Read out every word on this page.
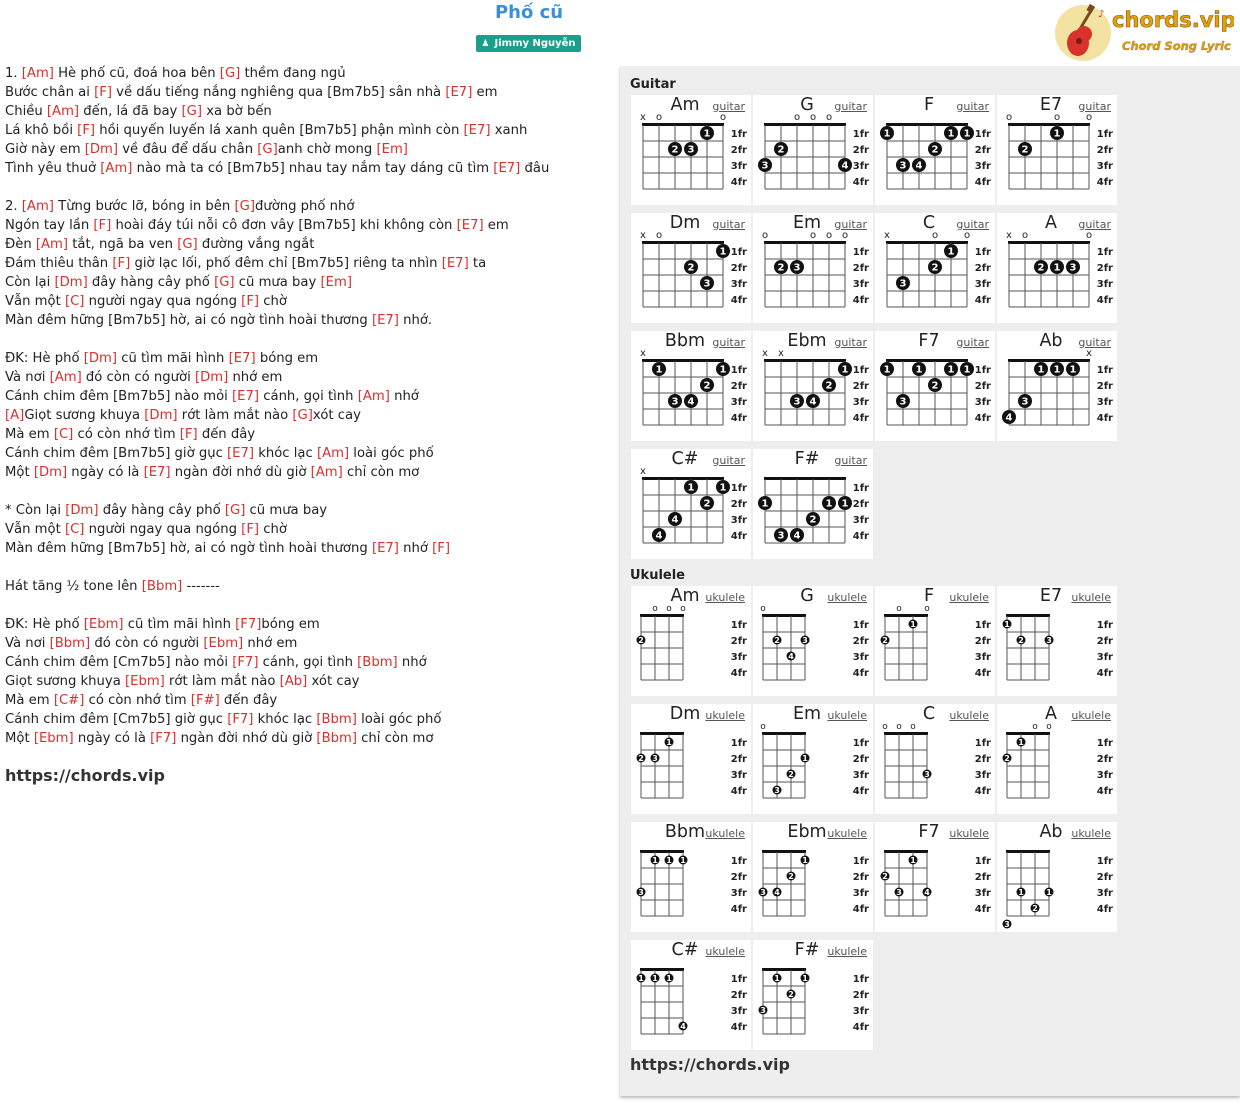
Phố cũ
♟ Jimmy Nguyễn
♪ chords.vip
Chord Song Lyric
1. [Am] Hè phố cũ, đoá hoa bên [G] thềm đang ngủ
Bước chân ai [F] về dấu tiếng nắng nghiêng qua [Bm7b5] sân nhà [E7] em
Chiều [Am] đến, lá đã bay [G] xa bờ bến
Lá khô bồi [F] hồi quyến luyến lá xanh quên [Bm7b5] phận mình còn [E7] xanh
Giờ này em [Dm] về đâu để dấu chân [G]anh chờ mong [Em]
Tình yêu thuở [Am] nào mà ta có [Bm7b5] nhau tay nắm tay dáng cũ tìm [E7] đâu
2. [Am] Từng bước lỡ, bóng in bên [G]đường phố nhớ
Ngón tay lần [F] hoài đáy túi nỗi cô đơn vây [Bm7b5] khi không còn [E7] em
Đèn [Am] tắt, ngã ba ven [G] đường vắng ngắt
Đám thiêu thân [F] giờ lạc lối, phố đêm chỉ [Bm7b5] riêng ta nhìn [E7] ta
Còn lại [Dm] đây hàng cây phố [G] cũ mưa bay [Em]
Vẫn một [C] người ngay qua ngóng [F] chờ
Màn đêm hững [Bm7b5] hờ, ai có ngờ tình hoài thương [E7] nhớ.
ĐK: Hè phố [Dm] cũ tìm mãi hình [E7] bóng em
Và nơi [Am] đó còn có người [Dm] nhớ em
Cánh chim đêm [Bm7b5] nào mỏi [E7] cánh, gọi tình [Am] nhớ
[A]Giọt sương khuya [Dm] rớt làm mắt nào [G]xót cay
Mà em [C] có còn nhớ tìm [F] đến đây
Cánh chim đêm [Bm7b5] giờ gục [E7] khóc lạc [Am] loài góc phố
Một [Dm] ngày có là [E7] ngàn đời nhớ dù giờ [Am] chỉ còn mơ
* Còn lại [Dm] đây hàng cây phố [G] cũ mưa bay
Vẫn một [C] người ngay qua ngóng [F] chờ
Màn đêm hững [Bm7b5] hờ, ai có ngờ tình hoài thương [E7] nhớ [F]
Hát tăng ½ tone lên [Bbm] -------
ĐK: Hè phố [Ebm] cũ tìm mãi hình [F7]bóng em
Và nơi [Bbm] đó còn có người [Ebm] nhớ em
Cánh chim đêm [Cm7b5] nào mỏi [F7] cánh, gọi tình [Bbm] nhớ
Giọt sương khuya [Ebm] rớt làm mắt nào [Ab] xót cay
Mà em [C#] có còn nhớ tìm [F#] đến đây
Cánh chim đêm [Cm7b5] giờ gục [F7] khóc lạc [Bbm] loài góc phố
Một [Ebm] ngày có là [F7] ngàn đời nhớ dù giờ [Bbm] chỉ còn mơ
https://chords.vip
Guitar
Ukulele
x o	o
1
2 3
1fr
2fr
3fr
4fr
Am	guitar
o o o
2
3	4
1fr
2fr
3fr
4fr
G	guitar
1	1 1
2
3 4
1fr
2fr
3fr
4fr
F	guitar
o	o	o
1
2
1fr
2fr
3fr
4fr
E7	guitar
x o
1
2
3
1fr
2fr
3fr
4fr
Dm	guitar
o	o o o
2 3
1fr
2fr
3fr
4fr
Em	guitar
x	o	o
1
2
3
1fr
2fr
3fr
4fr
C	guitar
x o	o
2 1 3
1fr
2fr
3fr
4fr
A	guitar
x
1	1
2
3 4
1fr
2fr
3fr
4fr
Bbm guitar
x x
1
2
3 4
1fr
2fr
3fr
4fr
Ebm guitar
1	1	1 1
2
3
1fr
2fr
3fr
4fr
F7	guitar
x
1 1 1
3
4
1fr
2fr
3fr
4fr
Ab	guitar
x
1	1
2
4
4
1fr
2fr
3fr
4fr
C#	guitar
1	1 1
2
3 4
1fr
2fr
3fr
4fr
F#	guitar
o o o
2
1fr
2fr
3fr
4fr
Am ukulele
o
2	3
4
1fr
2fr
3fr
4fr
G	ukulele
o o
2
1	1fr
2fr
3fr
4fr
F	ukulele
1
2	3
1fr
2fr
3fr
4fr
E7 ukulele
1
2 3
1fr
2fr
3fr
4fr
Dm ukulele
o
1
2
3
1fr
2fr
3fr
4fr
Em ukulele
o o o
3
1fr
2fr
3fr
4fr
C	ukulele
o o
1
2
1fr
2fr
3fr
4fr
A	ukulele
1 1 1
3
1fr
2fr
3fr
4fr
Bbm ukulele
1
2
3 4
1fr
2fr
3fr
4fr
Ebm ukulele
1
2
3	4
1fr
2fr
3fr
4fr
F7 ukulele
1	1
2
3
1fr
2fr
3fr
4fr
Ab ukulele
1 1 1
4
1fr
2fr
3fr
4fr
C# ukulele
1	1
2
3
1fr
2fr
3fr
4fr
F# ukulele
https://chords.vip
